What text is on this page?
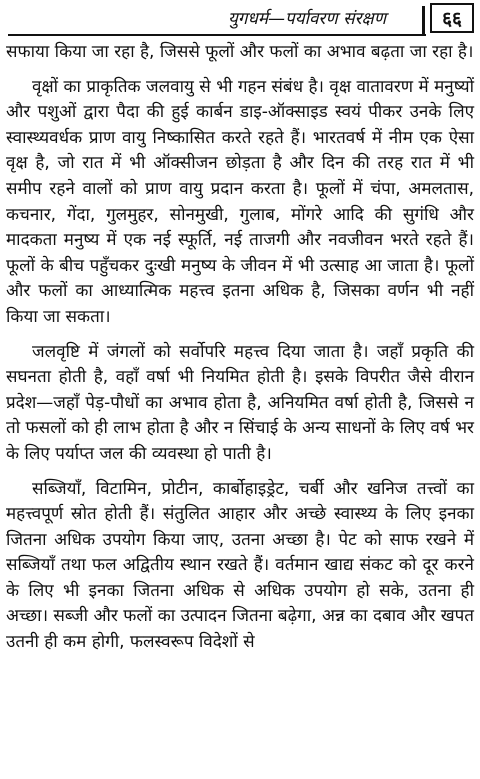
युगधर्म—पर्यावरण संरक्षण	६६

सफाया किया जा रहा है, जिससे फूलों और फलों का अभाव बढ़ता जा रहा है।

वृक्षों का प्राकृतिक जलवायु से भी गहन संबंध है। वृक्ष वातावरण में मनुष्यों और पशुओं द्वारा पैदा की हुई कार्बन डाइ-ऑक्साइड स्वयं पीकर उनके लिए स्वास्थ्यवर्धक प्राण वायु निष्कासित करते रहते हैं। भारतवर्ष में नीम एक ऐसा वृक्ष है, जो रात में भी ऑक्सीजन छोड़ता है और दिन की तरह रात में भी समीप रहने वालों को प्राण वायु प्रदान करता है। फूलों में चंपा, अमलतास, कचनार, गेंदा, गुलमुहर, सोनमुखी, गुलाब, मोंगरे आदि की सुगंधि और मादकता मनुष्य में एक नई स्फूर्ति, नई ताजगी और नवजीवन भरते रहते हैं। फूलों के बीच पहुँचकर दुःखी मनुष्य के जीवन में भी उत्साह आ जाता है। फूलों और फलों का आध्यात्मिक महत्त्व इतना अधिक है, जिसका वर्णन भी नहीं किया जा सकता।

जलवृष्टि में जंगलों को सर्वोपरि महत्त्व दिया जाता है। जहाँ प्रकृति की सघनता होती है, वहाँ वर्षा भी नियमित होती है। इसके विपरीत जैसे वीरान प्रदेश—जहाँ पेड़-पौधों का अभाव होता है, अनियमित वर्षा होती है, जिससे न तो फसलों को ही लाभ होता है और न सिंचाई के अन्य साधनों के लिए वर्ष भर के लिए पर्याप्त जल की व्यवस्था हो पाती है।

सब्जियाँ, विटामिन, प्रोटीन, कार्बोहाइड्रेट, चर्बी और खनिज तत्त्वों का महत्त्वपूर्ण स्रोत होती हैं। संतुलित आहार और अच्छे स्वास्थ्य के लिए इनका जितना अधिक उपयोग किया जाए, उतना अच्छा है। पेट को साफ रखने में सब्जियाँ तथा फल अद्वितीय स्थान रखते हैं। वर्तमान खाद्य संकट को दूर करने के लिए भी इनका जितना अधिक से अधिक उपयोग हो सके, उतना ही अच्छा। सब्जी और फलों का उत्पादन जितना बढ़ेगा, अन्न का दबाव और खपत उतनी ही कम होगी, फलस्वरूप विदेशों से
